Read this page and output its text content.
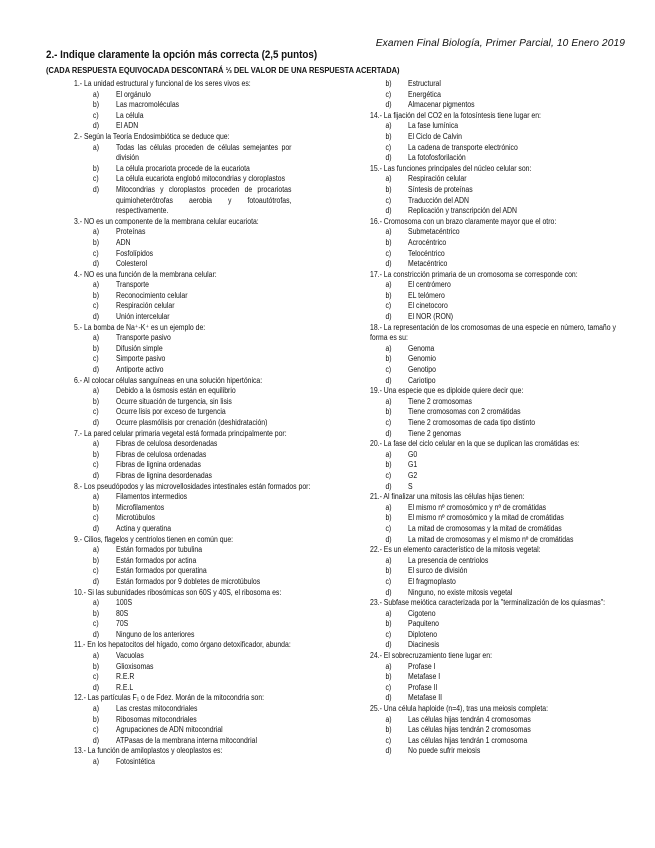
Examen Final Biología, Primer Parcial, 10 Enero 2019
2.- Indique claramente la opción más correcta (2,5 puntos)
(CADA RESPUESTA EQUIVOCADA DESCONTARÁ ⅓ DEL VALOR DE UNA RESPUESTA ACERTADA)
1.- La unidad estructural y funcional de los seres vivos es:
a)	El orgánulo
b)	Las macromoléculas
c)	La célula
d)	El ADN
2.- Según la Teoría Endosimbiótica se deduce que:
a)	Todas las células proceden de células semejantes por división
b)	La célula procariota procede de la eucariota
c)	La célula eucariota englobó mitocondrias y cloroplastos
d)	Mitocondrias y cloroplastos proceden de procariotas quimioheterótrofas aerobia y fotoautótrofas, respectivamente.
3.- NO es un componente de la membrana celular eucariota:
a)	Proteínas
b)	ADN
c)	Fosfolípidos
d)	Colesterol
4.- NO es una función de la membrana celular:
a)	Transporte
b)	Reconocimiento celular
c)	Respiración celular
d)	Unión intercelular
5.- La bomba de Na⁺-K⁺ es un ejemplo de:
a)	Transporte pasivo
b)	Difusión simple
c)	Simporte pasivo
d)	Antiporte activo
6.- Al colocar células sanguíneas en una solución hipertónica:
a)	Debido a la ósmosis están en equilibrio
b)	Ocurre situación de turgencia, sin lisis
c)	Ocurre lisis por exceso de turgencia
d)	Ocurre plasmólisis por crenación (deshidratación)
7.- La pared celular primaria vegetal está formada principalmente por:
a)	Fibras de celulosa desordenadas
b)	Fibras de celulosa ordenadas
c)	Fibras de lignina ordenadas
d)	Fibras de lignina desordenadas
8.- Los pseudópodos y las microvellosidades intestinales están formados por:
a)	Filamentos intermedios
b)	Microfilamentos
c)	Microtúbulos
d)	Actina y queratina
9.- Cilios, flagelos y centriolos tienen en común que:
a)	Están formados por tubulina
b)	Están formados por actina
c)	Están formados por queratina
d)	Están formados por 9 dobletes de microtúbulos
10.- Si las subunidades ribosómicas son 60S y 40S, el ribosoma es:
a)	100S
b)	80S
c)	70S
d)	Ninguno de los anteriores
11.- En los hepatocitos del hígado, como órgano detoxificador, abunda:
a)	Vacuolas
b)	Glioxisomas
c)	R.E.R
d)	R.E.L
12.- Las partículas F₁ o de Fdez. Morán de la mitocondria son:
a)	Las crestas mitocondriales
b)	Ribosomas mitocondriales
c)	Agrupaciones de ADN mitocondrial
d)	ATPasas de la membrana interna mitocondrial
13.- La función de amiloplastos y oleoplastos es:
a)	Fotosintética
b)	Estructural
c)	Energética
d)	Almacenar pigmentos
14.- La fijación del CO2 en la fotosíntesis tiene lugar en:
a)	La fase lumínica
b)	El Ciclo de Calvin
c)	La cadena de transporte electrónico
d)	La fotofosforilación
15.- Las funciones principales del núcleo celular son:
a)	Respiración celular
b)	Síntesis de proteínas
c)	Traducción del ADN
d)	Replicación y transcripción del ADN
16.- Cromosoma con un brazo claramente mayor que el otro:
a)	Submetacéntrico
b)	Acrocéntrico
c)	Telocéntrico
d)	Metacéntrico
17.- La constricción primaria de un cromosoma se corresponde con:
a)	El centrómero
b)	EL telómero
c)	El cinetocoro
d)	El NOR (RON)
18.- La representación de los cromosomas de una especie en número, tamaño y forma es su:
a)	Genoma
b)	Genomio
c)	Genotipo
d)	Cariotipo
19.- Una especie que es diploide quiere decir que:
a)	Tiene 2 cromosomas
b)	Tiene cromosomas con 2 cromátidas
c)	Tiene 2 cromosomas de cada tipo distinto
d)	Tiene 2 genomas
20.- La fase del ciclo celular en la que se duplican las cromátidas es:
a)	G0
b)	G1
c)	G2
d)	S
21.- Al finalizar una mitosis las células hijas tienen:
a)	El mismo nº cromosómico y nº de cromátidas
b)	El mismo nº cromosómico y la mitad de cromátidas
c)	La mitad de cromosomas y la mitad de cromátidas
d)	La mitad de cromosomas y el mismo nº de cromátidas
22.- Es un elemento característico de la mitosis vegetal:
a)	La presencia de centriolos
b)	El surco de división
c)	El fragmoplasto
d)	Ninguno, no existe mitosis vegetal
23.- Subfase meiótica caracterizada por la "terminalización de los quiasmas":
a)	Cigoteno
b)	Paquiteno
c)	Diploteno
d)	Diacinesis
24.- El sobrecruzamiento tiene lugar en:
a)	Profase I
b)	Metafase I
c)	Profase II
d)	Metafase II
25.- Una célula haploide (n=4), tras una meiosis completa:
a)	Las células hijas tendrán 4 cromosomas
b)	Las células hijas tendrán 2 cromosomas
c)	Las células hijas tendrán 1 cromosoma
d)	No puede sufrir meiosis
